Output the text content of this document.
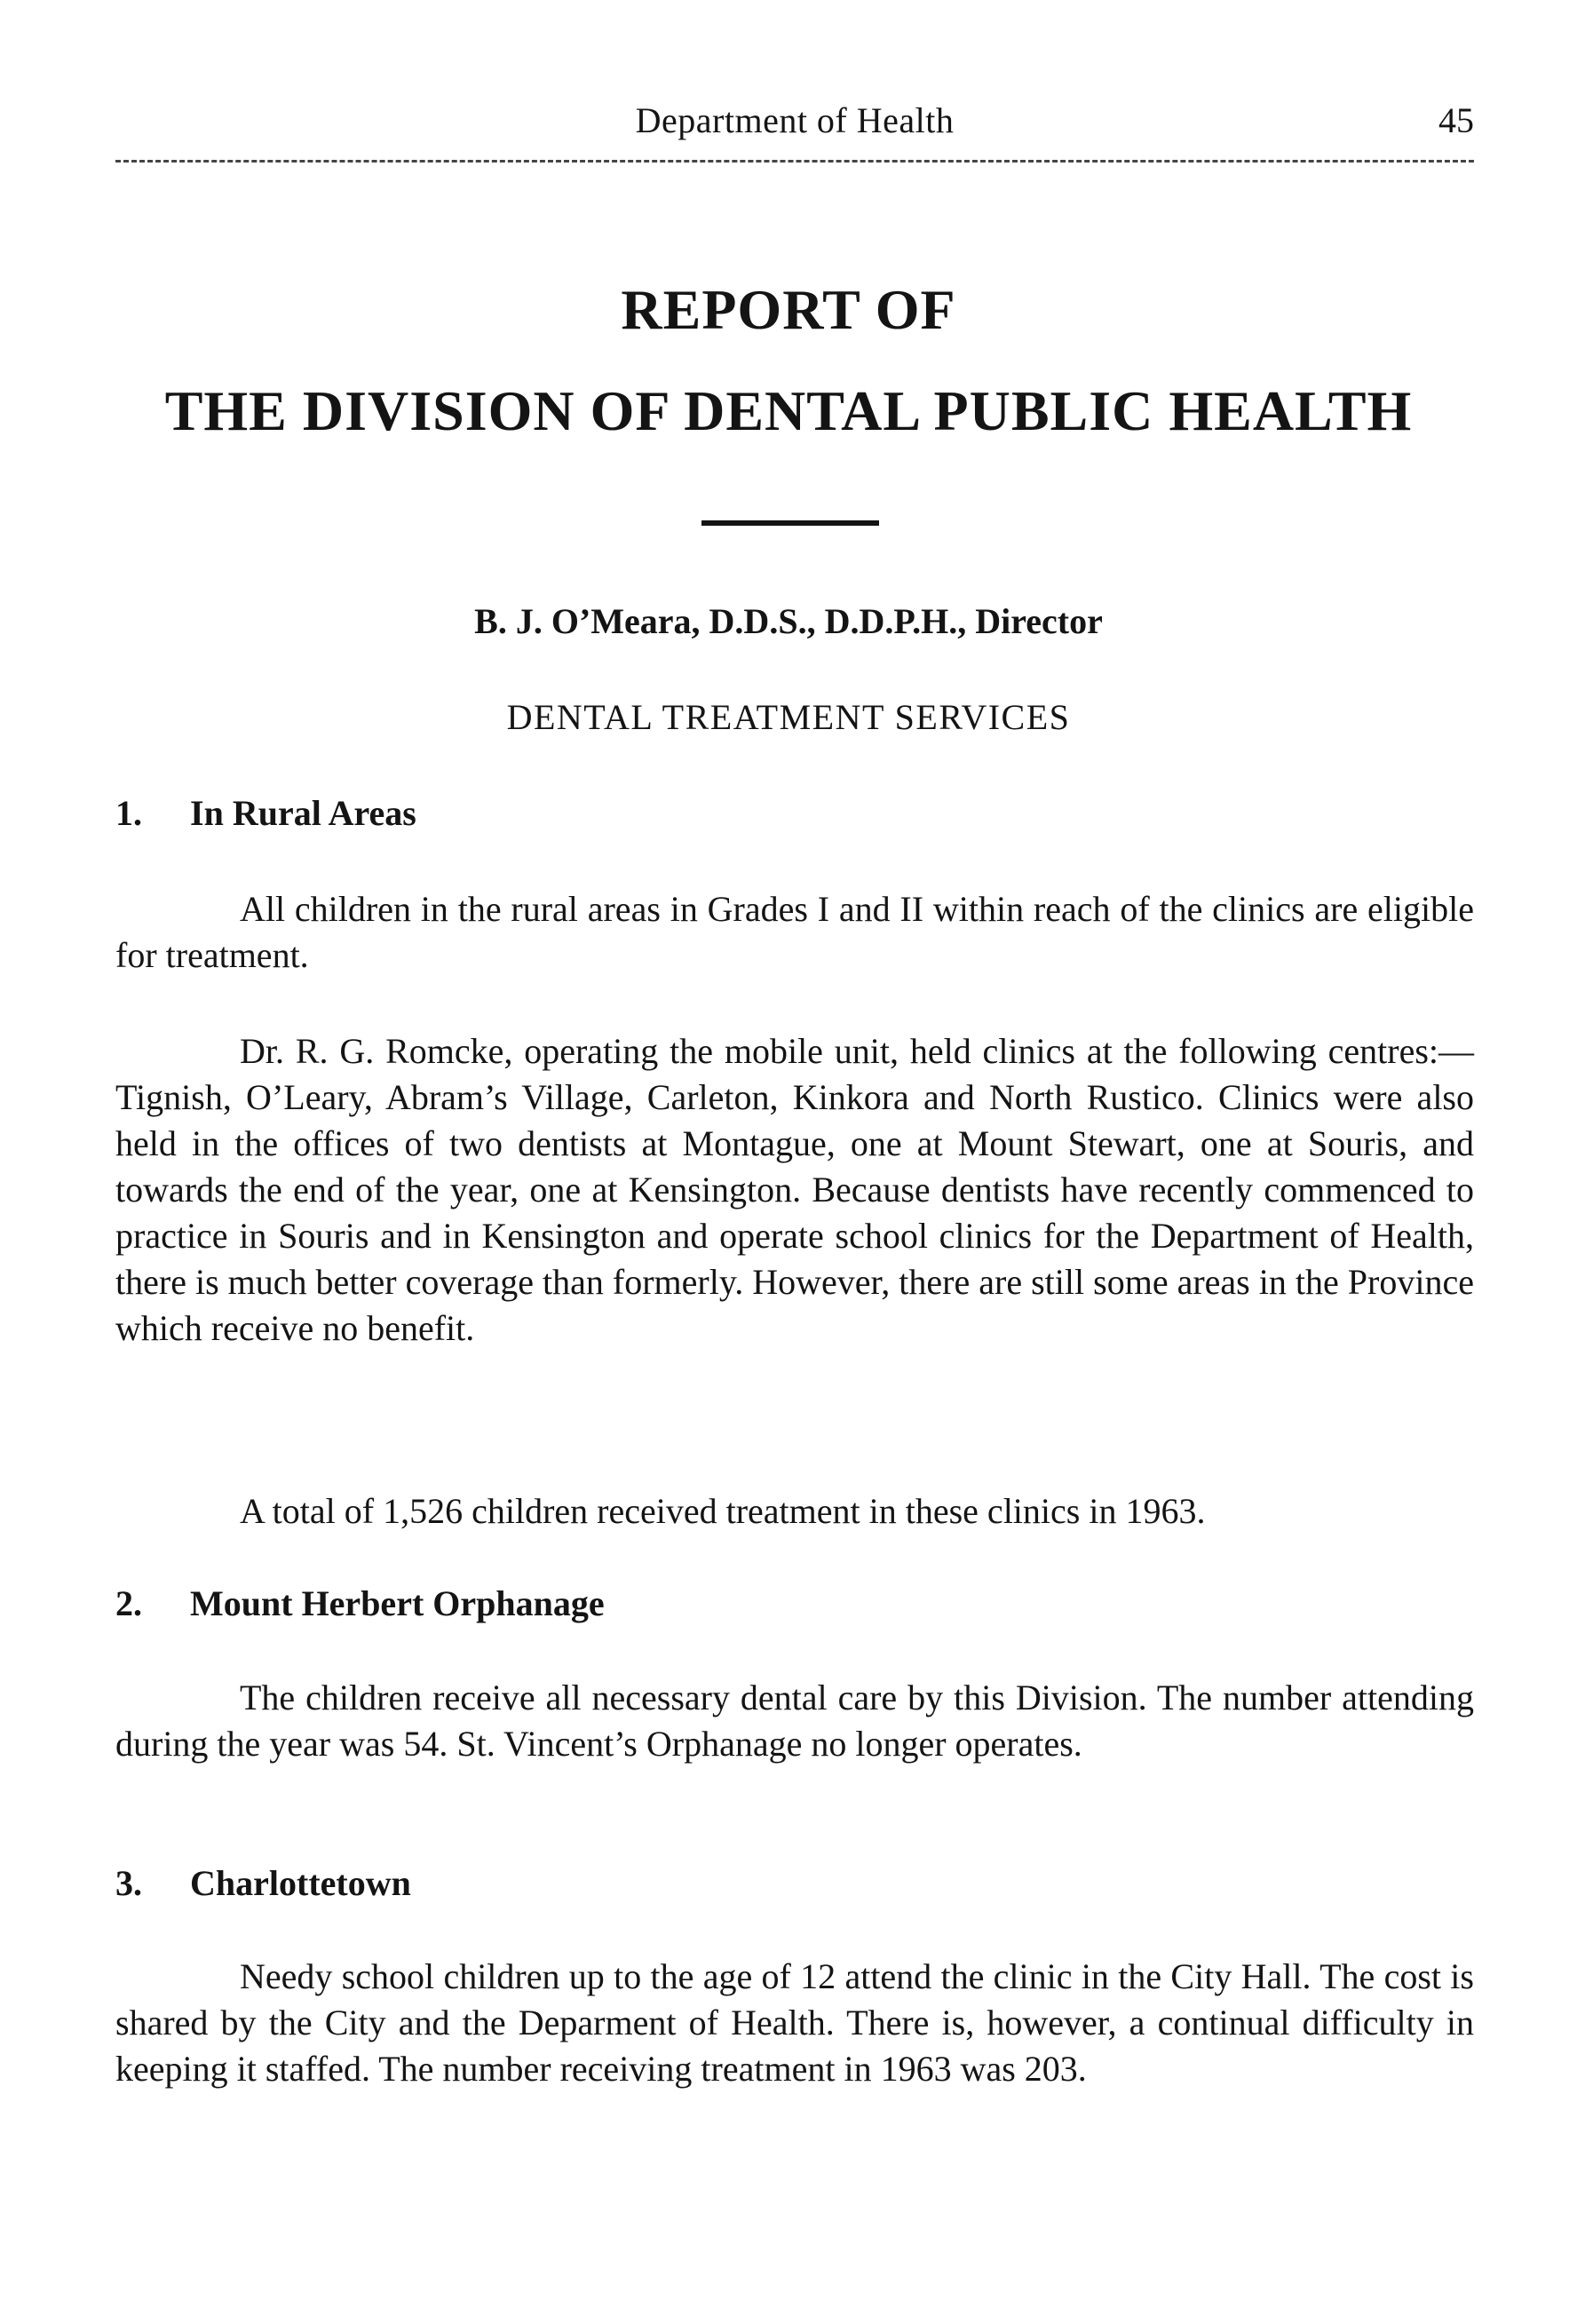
Department of Health	45
REPORT OF
THE DIVISION OF DENTAL PUBLIC HEALTH
B. J. O’Meara, D.D.S., D.D.P.H., Director
DENTAL TREATMENT SERVICES
1. In Rural Areas

All children in the rural areas in Grades I and II within reach of the clinics are eligible for treatment.

Dr. R. G. Romcke, operating the mobile unit, held clinics at the following centres:—Tignish, O’Leary, Abram’s Village, Carleton, Kinkora and North Rustico. Clinics were also held in the offices of two dentists at Montague, one at Mount Stewart, one at Souris, and towards the end of the year, one at Kensington. Because dentists have recently commenced to practice in Souris and in Kensington and operate school clinics for the Department of Health, there is much better coverage than formerly. However, there are still some areas in the Province which receive no benefit.

A total of 1,526 children received treatment in these clinics in 1963.

2. Mount Herbert Orphanage

The children receive all necessary dental care by this Division. The number attending during the year was 54. St. Vincent’s Orphanage no longer operates.

3. Charlottetown

Needy school children up to the age of 12 attend the clinic in the City Hall. The cost is shared by the City and the Deparment of Health. There is, however, a continual difficulty in keeping it staffed. The number receiving treatment in 1963 was 203.
